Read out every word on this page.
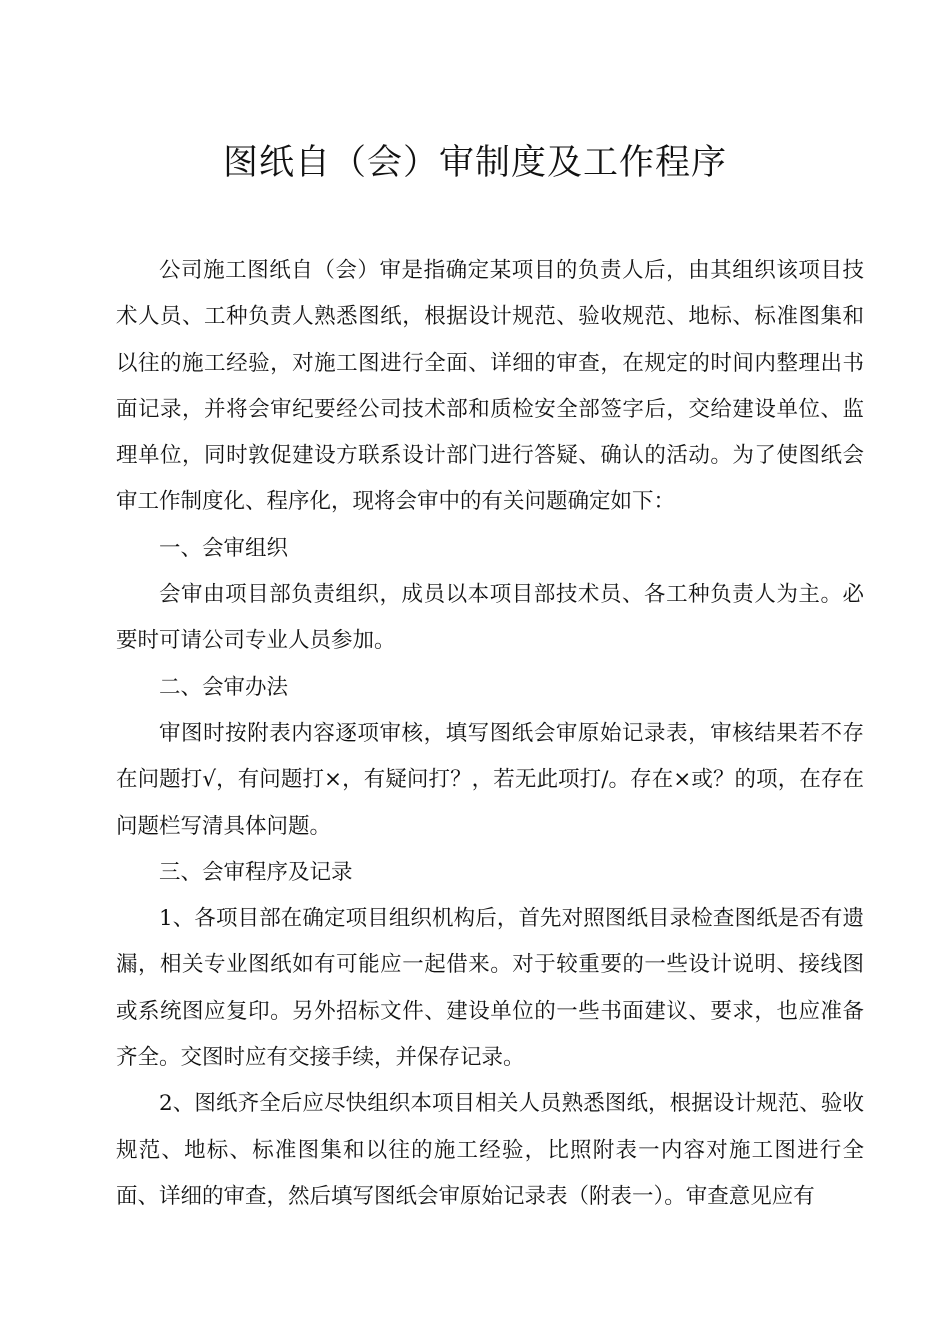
图纸自（会）审制度及工作程序

公司施工图纸自（会）审是指确定某项目的负责人后，由其组织该项目技术人员、工种负责人熟悉图纸，根据设计规范、验收规范、地标、标准图集和以往的施工经验，对施工图进行全面、详细的审查，在规定的时间内整理出书面记录，并将会审纪要经公司技术部和质检安全部签字后，交给建设单位、监理单位，同时敦促建设方联系设计部门进行答疑、确认的活动。为了使图纸会审工作制度化、程序化，现将会审中的有关问题确定如下：

一、会审组织

会审由项目部负责组织，成员以本项目部技术员、各工种负责人为主。必要时可请公司专业人员参加。

二、会审办法

审图时按附表内容逐项审核，填写图纸会审原始记录表，审核结果若不存在问题打√，有问题打×，有疑问打？，若无此项打/。存在×或？的项，在存在问题栏写清具体问题。

三、会审程序及记录

1、各项目部在确定项目组织机构后，首先对照图纸目录检查图纸是否有遗漏，相关专业图纸如有可能应一起借来。对于较重要的一些设计说明、接线图或系统图应复印。另外招标文件、建设单位的一些书面建议、要求，也应准备齐全。交图时应有交接手续，并保存记录。

2、图纸齐全后应尽快组织本项目相关人员熟悉图纸，根据设计规范、验收规范、地标、标准图集和以往的施工经验，比照附表一内容对施工图进行全面、详细的审查，然后填写图纸会审原始记录表（附表一）。审查意见应有
